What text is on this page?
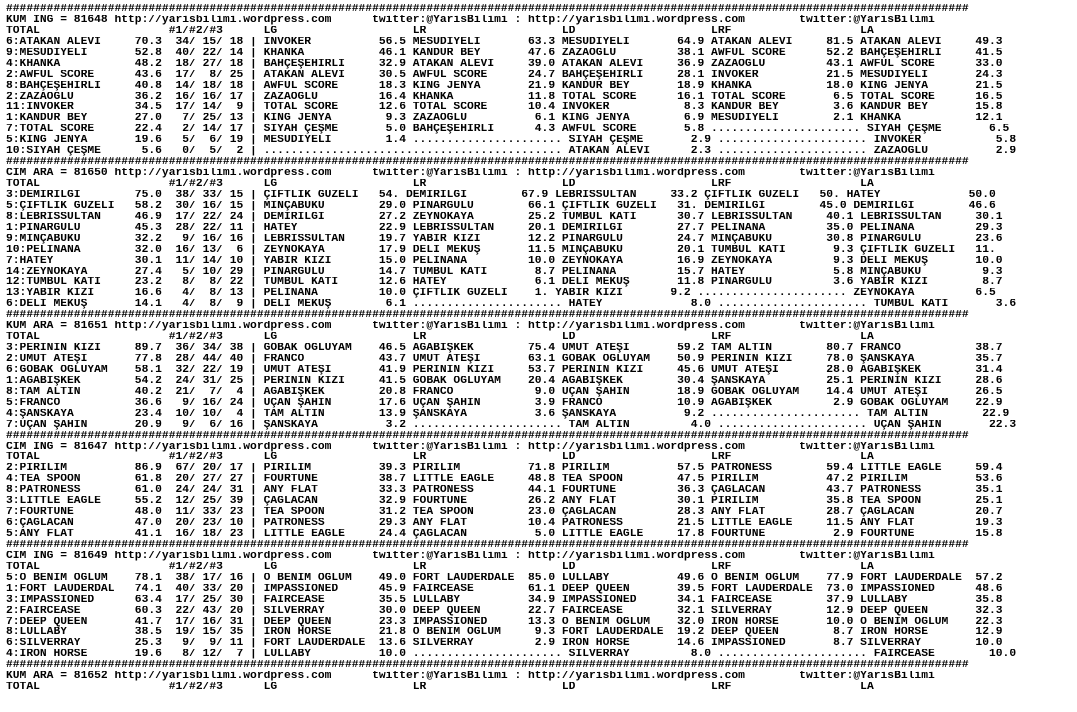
##############################################################################################################################################
KUM ING = 81648 http://yarisbilimi.wordpress.com      twitter:@YarisBilimi : http://yarisbilimi.wordpress.com        twitter:@YarisBilimi
TOTAL                   #1/#2/#3      LG                    LR                    LD                    LRF                   LA
6:ATAKAN ALEVİ     70.3  34/ 15/ 18 | INVOKER          56.5 MESUDİYELİ       63.3 MESUDİYELİ       64.9 ATAKAN ALEVİ     81.5 ATAKAN ALEVİ     49.3
9:MESUDİYELİ       52.8  40/ 22/ 14 | KHANKA           46.1 KANDUR BEY       47.6 ZAZAOĞLU         38.1 AWFUL SCORE      52.2 BAHÇEŞEHİRLİ     41.5
4:KHANKA           48.2  18/ 27/ 18 | BAHÇEŞEHİRLİ     32.9 ATAKAN ALEVİ     39.0 ATAKAN ALEVİ     36.9 ZAZAOĞLU         43.1 AWFUL SCORE      33.0
2:AWFUL SCORE      43.6  17/  8/ 25 | ATAKAN ALEVİ     30.5 AWFUL SCORE      24.7 BAHÇEŞEHİRLİ     28.1 INVOKER          21.5 MESUDİYELİ       24.3
8:BAHÇEŞEHİRLİ     40.8  14/ 18/ 18 | AWFUL SCORE      18.3 KING JENYA       21.9 KANDUR BEY       18.9 KHANKA           18.0 KING JENYA       21.5
2:ZAZAOĞLU         36.2  16/ 16/ 17 | ZAZAOĞLU         16.4 KHANKA           11.8 TOTAL SCORE      16.1 TOTAL SCORE       6.5 TOTAL SCORE      16.5
11:INVOKER         34.5  17/ 14/  9 | TOTAL SCORE      12.6 TOTAL SCORE      10.4 INVOKER           8.3 KANDUR BEY        3.6 KANDUR BEY       15.8
1:KANDUR BEY       27.0   7/ 25/ 13 | KING JENYA        9.3 ZAZAOĞLU          6.1 KING JENYA        6.9 MESUDİYELİ        2.1 KHANKA           12.1
7:TOTAL SCORE      22.4   2/ 14/ 17 | SİYAH ÇEŞME       5.0 BAHÇEŞEHİRLİ      4.3 AWFUL SCORE       5.8 ...................... SİYAH ÇEŞME       6.5
5:KING JENYA       19.6   5/  6/ 19 | MESUDİYELİ        1.4 ...................... SİYAH ÇEŞME       2.9 ...................... INVOKER           5.8
10:SİYAH ÇEŞME      5.6   0/  5/  2 | ............................................ ATAKAN ALEVİ      2.3 ...................... ZAZAOĞLU          2.9
##############################################################################################################################################
CIM ARA = 81650 http://yarisbilimi.wordpress.com      twitter:@YarisBilimi : http://yarisbilimi.wordpress.com        twitter:@YarisBilimi
TOTAL                   #1/#2/#3      LG                    LR                    LD                    LRF                   LA
3:DEMİRİLGİ        75.0  38/ 33/ 15 | ÇİFTLİK GÜZELİ   54. DEMİRİLGİ        67.9 LEBRİSSULTAN     33.2 ÇİFTLİK GÜZELİ   50. HATEY             50.0
5:ÇİFTLİK GÜZELİ   58.2  30/ 16/ 15 | MİNÇABÜKÜ        29.0 PINARGÜLÜ        66.1 ÇİFTLİK GÜZELİ   31. DEMİRİLGİ        45.0 DEMİRİLGİ        46.6
8:LEBRİSSULTAN     46.9  17/ 22/ 24 | DEMİRİLGİ        27.2 ZEYNOKAYA        25.2 TUMBUL KATI      30.7 LEBRİSSULTAN     40.1 LEBRİSSULTAN     30.1
1:PINARGÜLÜ        45.3  28/ 22/ 11 | HATEY            22.9 LEBRİSSULTAN     20.1 DEMİRİLGİ        27.7 PELİNANA         35.0 PELİNANA         29.3
9:MINÇABÜKÜ        32.2   9/ 16/ 16 | LEBRİSSULTAN     19.7 YABİR KIZI       12.2 PINARGÜLÜ        24.7 MİNÇABÜKÜ        30.8 PINARGÜLÜ        23.6
10:PELİNANA        32.0  16/ 13/  6 | ZEYNOKAYA        17.9 DELİ MEKUŞ       11.5 MİNÇABÜKÜ        20.1 TUMBUL KATI       9.3 ÇİFTLİK GÜZELİ   11.
7:HATEY            30.1  11/ 14/ 10 | YABİR KIZI       15.0 PELİNANA         10.0 ZEYNOKAYA        16.9 ZEYNOKAYA         9.3 DELİ MEKUŞ       10.0
14:ZEYNOKAYA       27.4   5/ 10/ 29 | PINARGÜLÜ        14.7 TUMBUL KATI       8.7 PELİNANA         15.7 HATEY             5.8 MİNÇABÜKÜ         9.3
12:TUMBUL KATI     23.2   8/  8/ 22 | TUMBUL KATI      12.6 HATEY             6.1 DELİ MEKUŞ       11.8 PINARGÜLÜ         3.6 YABİR KIZI        8.7
13:YABİR KIZI      16.6   4/  8/ 13 | PELİNANA         10.0 ÇİFTLİK GÜZELİ    1. YABİR KIZI       9.2 ...................... ZEYNOKAYA         6.5
6:DELİ MEKUŞ       14.1   4/  8/  9 | DELİ MEKUŞ        6.1 ...................... HATEY             8.0 ...................... TUMBUL KATI       3.6
##############################################################################################################################################
KUM ARA = 81651 http://yarisbilimi.wordpress.com      twitter:@YarisBilimi : http://yarisbilimi.wordpress.com        twitter:@YarisBilimi
TOTAL                   #1/#2/#3      LG                    LR                    LD                    LRF                   LA
3:PERİNİN KIZI     89.7  36/ 34/ 38 | GOBAK OĞLUYAM    46.5 AĞABİŞKEK        75.4 UMUT ATEŞİ       59.2 TAM ALTIN        80.7 FRANCO           38.7
2:UMUT ATEŞİ       77.8  28/ 44/ 40 | FRANCO           43.7 UMUT ATEŞİ       63.1 GOBAK OĞLUYAM    50.9 PERİNİN KIZI     78.0 ŞANSKAYA         35.7
6:GOBAK OĞLUYAM    58.1  32/ 22/ 19 | UMUT ATEŞİ       41.9 PERİNİN KIZI     53.7 PERİNİN KIZI     45.6 UMUT ATEŞİ       28.0 AĞABİŞKEK        31.4
1:AĞABİŞKEK        54.2  24/ 31/ 25 | PERİNİN KIZI     41.5 GOBAK OĞLUYAM    20.4 AĞABİŞKEK        30.4 ŞANSKAYA         25.1 PERİNİN KIZI     28.6
8:TAM ALTIN        40.2  21/  7/  4 | AĞABİŞKEK        20.8 FRANCO            9.0 UÇAN ŞAHİN       18.9 GOBAK OĞLUYAM    14.4 UMUT ATEŞİ       26.5
5:FRANCO           36.6   9/ 16/ 24 | UÇAN ŞAHİN       17.6 UÇAN ŞAHİN        3.9 FRANCO           10.9 AĞABİŞKEK         2.9 GOBAK OĞLUYAM    22.9
4:ŞANSKAYA         23.4  10/ 10/  4 | TAM ALTIN        13.9 ŞANSKAYA          3.6 ŞANSKAYA          9.2 ...................... TAM ALTIN        22.9
7:UÇAN ŞAHİN       20.9   9/  6/ 16 | ŞANSKAYA          3.2 ...................... TAM ALTIN         4.0 ...................... UÇAN ŞAHİN       22.3
##############################################################################################################################################
CIM ING = 81647 http://yarisbilimi.wordpress.com      twitter:@YarisBilimi : http://yarisbilimi.wordpress.com        twitter:@YarisBilimi
TOTAL                   #1/#2/#3      LG                    LR                    LD                    LRF                   LA
2:PIRILIM          86.9  67/ 20/ 17 | PIRILIM          39.3 PIRILIM          71.8 PIRILIM          57.5 PATRONESS        59.4 LITTLE EAGLE     59.4
4:TEA SPOON        61.8  20/ 27/ 27 | FOURTUNE         38.7 LITTLE EAGLE     48.8 TEA SPOON        47.5 PIRILIM          47.2 PIRILIM          53.6
8:PATRONESS        61.0  24/ 24/ 31 | ANY FLAT         33.3 PATRONESS        44.1 FOURTUNE         36.3 ÇAĞLACAN         43.7 PATRONESS        35.1
3:LITTLE EAGLE     55.2  12/ 25/ 39 | ÇAĞLACAN         32.9 FOURTUNE         26.2 ANY FLAT         30.1 PIRILIM          35.8 TEA SPOON        25.1
7:FOURTUNE         48.0  11/ 33/ 23 | TEA SPOON        31.2 TEA SPOON        23.0 ÇAĞLACAN         28.3 ANY FLAT         28.7 ÇAĞLACAN         20.7
6:ÇAĞLACAN         47.0  20/ 23/ 10 | PATRONESS        29.3 ANY FLAT         10.4 PATRONESS        21.5 LITTLE EAGLE     11.5 ANY FLAT         19.3
5:ANY FLAT         41.1  16/ 18/ 23 | LITTLE EAGLE     24.4 ÇAĞLACAN          5.0 LITTLE EAGLE     17.8 FOURTUNE          2.9 FOURTUNE         15.8
##############################################################################################################################################
CIM ING = 81649 http://yarisbilimi.wordpress.com      twitter:@YarisBilimi : http://yarisbilimi.wordpress.com        twitter:@YarisBilimi
TOTAL                   #1/#2/#3      LG                    LR                    LD                    LRF                   LA
5:O BENİM OĞLUM    78.1  38/ 17/ 16 | O BENİM OĞLUM    49.0 FORT LAUDERDALE  85.0 LULLABY          49.6 O BENİM OĞLUM    77.9 FORT LAUDERDALE  57.2
1:FORT LAUDERDAL   74.1  40/ 33/ 20 | IMPASSIONED      45.9 FAIRCEASE        61.1 DEEP QUEEN       39.5 FORT LAUDERDALE  73.0 IMPASSIONED      48.6
3:IMPASSIONED      63.4  17/ 25/ 30 | FAIRCEASE        35.5 LULLABY          34.9 IMPASSIONED      34.1 FAIRCEASE        37.9 LULLABY          35.8
2:FAIRCEASE        60.3  22/ 43/ 20 | SILVERRAY        30.0 DEEP QUEEN       22.7 FAIRCEASE        32.1 SILVERRAY        12.9 DEEP QUEEN       32.3
7:DEEP QUEEN       41.7  17/ 16/ 31 | DEEP QUEEN       23.3 IMPASSIONED      13.3 O BENİM OĞLUM    32.0 IRON HORSE       10.0 O BENİM OĞLUM    22.3
8:LULLABY          38.5  19/ 15/ 35 | IRON HORSE       21.8 O BENİM OĞLUM     9.3 FORT LAUDERDALE  19.2 DEEP QUEEN        8.7 IRON HORSE       12.9
6:SILVERRAY        25.3   9/  9/ 11 | FORT LAUDERDALE  13.6 SILVERRAY         2.9 IRON HORSE       14.6 IMPASSIONED       8.7 SILVERRAY        10.0
4:IRON HORSE       19.6   8/ 12/  7 | LULLABY          10.0 ...................... SILVERRAY         8.0 ...................... FAIRCEASE        10.0
##############################################################################################################################################
KUM ARA = 81652 http://yarisbilimi.wordpress.com      twitter:@YarisBilimi : http://yarisbilimi.wordpress.com        twitter:@YarisBilimi
TOTAL                   #1/#2/#3      LG                    LR                    LD                    LRF                   LA
